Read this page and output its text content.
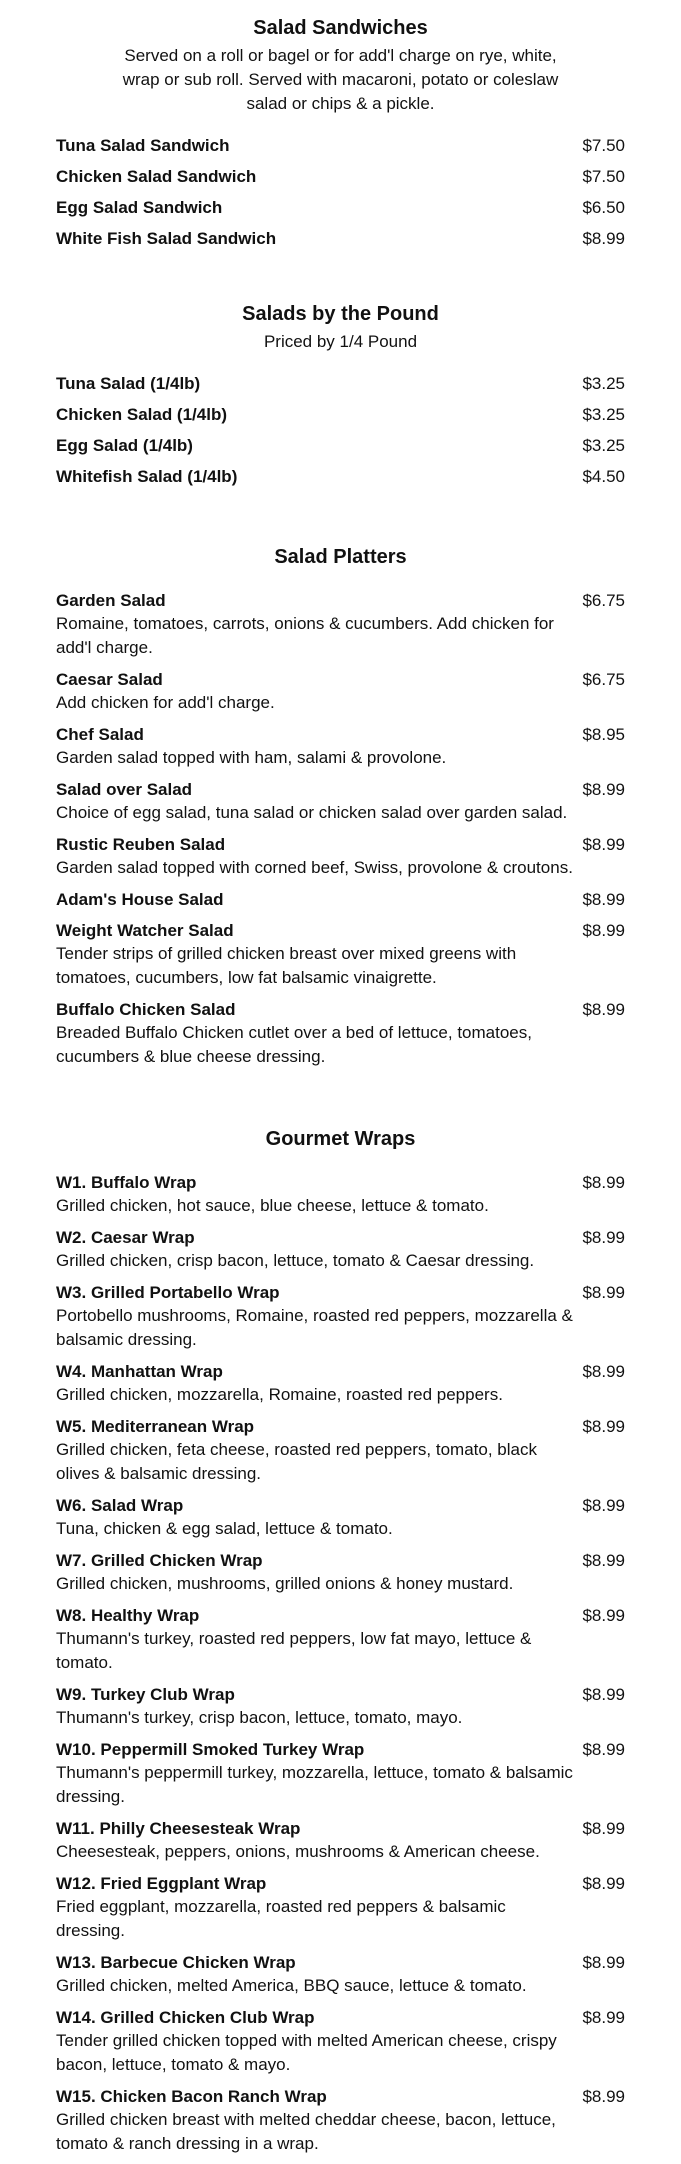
Salad Sandwiches

Served on a roll or bagel or for add'l charge on rye, white, wrap or sub roll. Served with macaroni, potato or coleslaw salad or chips & a pickle.

Tuna Salad Sandwich	$7.50
Chicken Salad Sandwich	$7.50
Egg Salad Sandwich	$6.50
White Fish Salad Sandwich	$8.99
Salads by the Pound

Priced by 1/4 Pound

Tuna Salad (1/4lb)	$3.25
Chicken Salad (1/4lb)	$3.25
Egg Salad (1/4lb)	$3.25
Whitefish Salad (1/4lb)	$4.50
Salad Platters
Garden Salad	$6.75
Romaine, tomatoes, carrots, onions & cucumbers. Add chicken for add'l charge.
Caesar Salad	$6.75
Add chicken for add'l charge.
Chef Salad	$8.95
Garden salad topped with ham, salami & provolone.
Salad over Salad	$8.99
Choice of egg salad, tuna salad or chicken salad over garden salad.
Rustic Reuben Salad	$8.99
Garden salad topped with corned beef, Swiss, provolone & croutons.
Adam's House Salad	$8.99
Weight Watcher Salad	$8.99
Tender strips of grilled chicken breast over mixed greens with tomatoes, cucumbers, low fat balsamic vinaigrette.
Buffalo Chicken Salad	$8.99
Breaded Buffalo Chicken cutlet over a bed of lettuce, tomatoes, cucumbers & blue cheese dressing.
Gourmet Wraps
W1. Buffalo Wrap	$8.99
Grilled chicken, hot sauce, blue cheese, lettuce & tomato.
W2. Caesar Wrap	$8.99
Grilled chicken, crisp bacon, lettuce, tomato & Caesar dressing.
W3. Grilled Portabello Wrap	$8.99
Portobello mushrooms, Romaine, roasted red peppers, mozzarella & balsamic dressing.
W4. Manhattan Wrap	$8.99
Grilled chicken, mozzarella, Romaine, roasted red peppers.
W5. Mediterranean Wrap	$8.99
Grilled chicken, feta cheese, roasted red peppers, tomato, black olives & balsamic dressing.
W6. Salad Wrap	$8.99
Tuna, chicken & egg salad, lettuce & tomato.
W7. Grilled Chicken Wrap	$8.99
Grilled chicken, mushrooms, grilled onions & honey mustard.
W8. Healthy Wrap	$8.99
Thumann's turkey, roasted red peppers, low fat mayo, lettuce & tomato.
W9. Turkey Club Wrap	$8.99
Thumann's turkey, crisp bacon, lettuce, tomato, mayo.
W10. Peppermill Smoked Turkey Wrap	$8.99
Thumann's peppermill turkey, mozzarella, lettuce, tomato & balsamic dressing.
W11. Philly Cheesesteak Wrap	$8.99
Cheesesteak, peppers, onions, mushrooms & American cheese.
W12. Fried Eggplant Wrap	$8.99
Fried eggplant, mozzarella, roasted red peppers & balsamic dressing.
W13. Barbecue Chicken Wrap	$8.99
Grilled chicken, melted America, BBQ sauce, lettuce & tomato.
W14. Grilled Chicken Club Wrap	$8.99
Tender grilled chicken topped with melted American cheese, crispy bacon, lettuce, tomato & mayo.
W15. Chicken Bacon Ranch Wrap	$8.99
Grilled chicken breast with melted cheddar cheese, bacon, lettuce, tomato & ranch dressing in a wrap.
